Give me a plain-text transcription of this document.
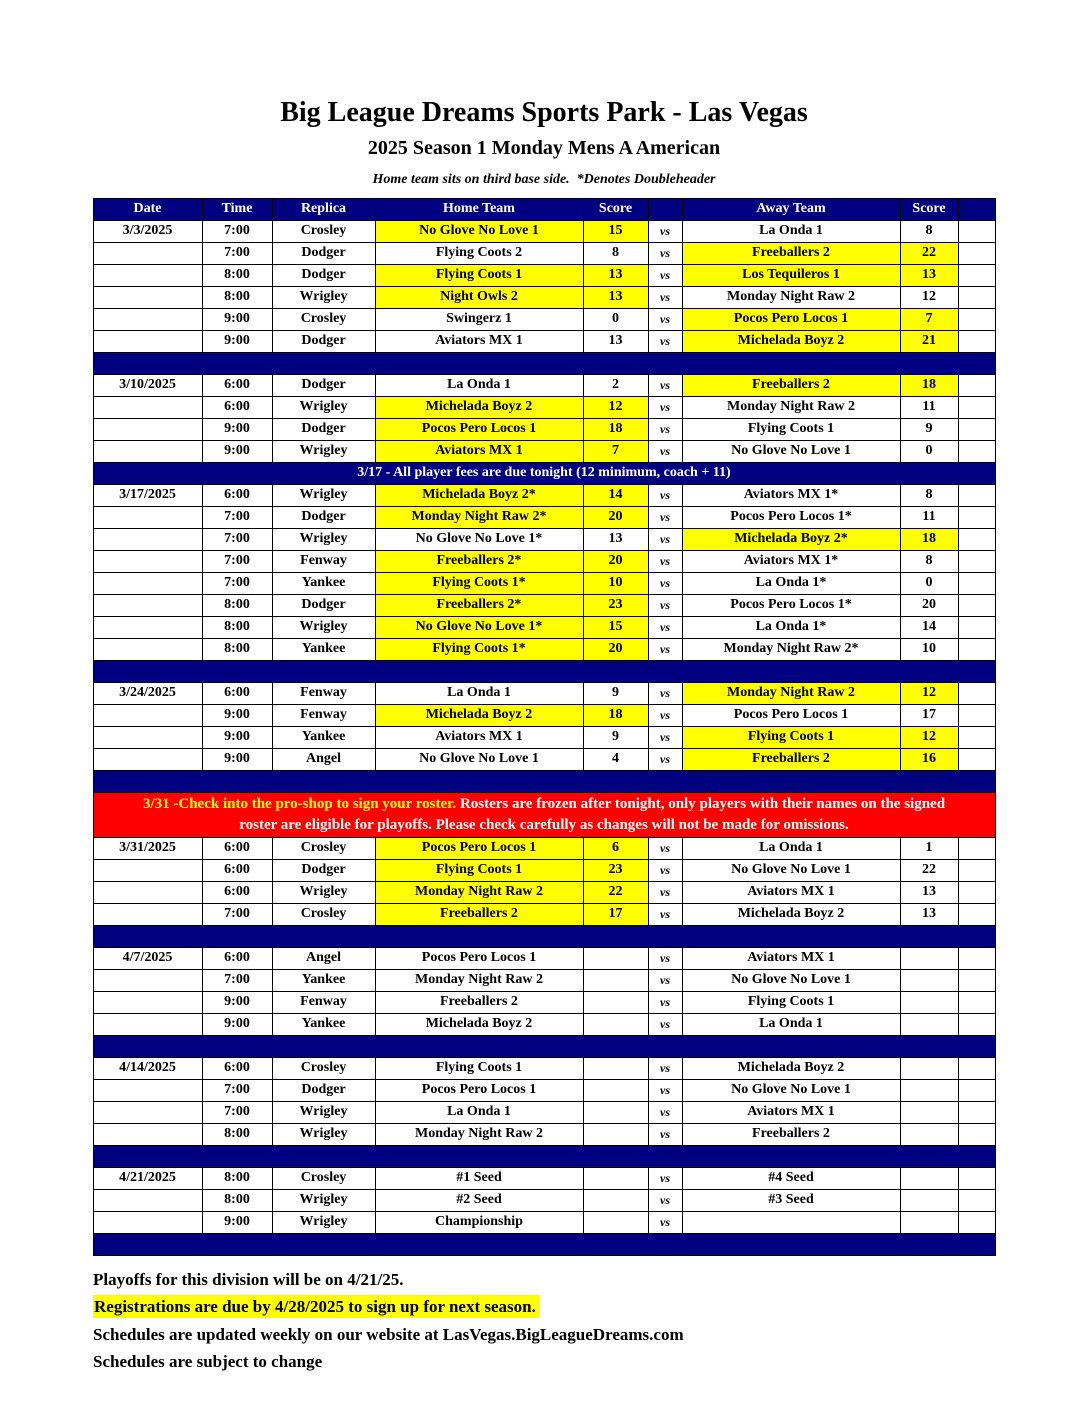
Big League Dreams Sports Park - Las Vegas
2025 Season 1 Monday Mens A American
Home team sits on third base side.  *Denotes Doubleheader
Date	Time	Replica	Home Team	Score		Away Team	Score	
3/3/2025	7:00	Crosley	No Glove No Love 1	15	vs	La Onda 1	8	
	7:00	Dodger	Flying Coots 2	8	vs	Freeballers 2	22	
	8:00	Dodger	Flying Coots 1	13	vs	Los Tequileros 1	13	
	8:00	Wrigley	Night Owls 2	13	vs	Monday Night Raw 2	12	
	9:00	Crosley	Swingerz 1	0	vs	Pocos Pero Locos 1	7	
	9:00	Dodger	Aviators MX 1	13	vs	Michelada Boyz 2	21	

3/10/2025	6:00	Dodger	La Onda 1	2	vs	Freeballers 2	18	
	6:00	Wrigley	Michelada Boyz 2	12	vs	Monday Night Raw 2	11	
	9:00	Dodger	Pocos Pero Locos 1	18	vs	Flying Coots 1	9	
	9:00	Wrigley	Aviators MX 1	7	vs	No Glove No Love 1	0	
3/17 - All player fees are due tonight (12 minimum, coach + 11)								
3/17/2025	6:00	Wrigley	Michelada Boyz 2*	14	vs	Aviators MX 1*	8	
	7:00	Dodger	Monday Night Raw 2*	20	vs	Pocos Pero Locos 1*	11	
	7:00	Wrigley	No Glove No Love 1*	13	vs	Michelada Boyz 2*	18	
	7:00	Fenway	Freeballers 2*	20	vs	Aviators MX 1*	8	
	7:00	Yankee	Flying Coots 1*	10	vs	La Onda 1*	0	
	8:00	Dodger	Freeballers 2*	23	vs	Pocos Pero Locos 1*	20	
	8:00	Wrigley	No Glove No Love 1*	15	vs	La Onda 1*	14	
	8:00	Yankee	Flying Coots 1*	20	vs	Monday Night Raw 2*	10	

3/24/2025	6:00	Fenway	La Onda 1	9	vs	Monday Night Raw 2	12	
	9:00	Fenway	Michelada Boyz 2	18	vs	Pocos Pero Locos 1	17	
	9:00	Yankee	Aviators MX 1	9	vs	Flying Coots 1	12	
	9:00	Angel	No Glove No Love 1	4	vs	Freeballers 2	16	

3/31 -Check into the pro-shop to sign your roster. Rosters are frozen after tonight, only players with their names on the signed roster are eligible for playoffs. Please check carefully as changes will not be made for omissions.								
3/31/2025	6:00	Crosley	Pocos Pero Locos 1	6	vs	La Onda 1	1	
	6:00	Dodger	Flying Coots 1	23	vs	No Glove No Love 1	22	
	6:00	Wrigley	Monday Night Raw 2	22	vs	Aviators MX 1	13	
	7:00	Crosley	Freeballers 2	17	vs	Michelada Boyz 2	13	

4/7/2025	6:00	Angel	Pocos Pero Locos 1		vs	Aviators MX 1		
	7:00	Yankee	Monday Night Raw 2		vs	No Glove No Love 1		
	9:00	Fenway	Freeballers 2		vs	Flying Coots 1		
	9:00	Yankee	Michelada Boyz 2		vs	La Onda 1		

4/14/2025	6:00	Crosley	Flying Coots 1		vs	Michelada Boyz 2		
	7:00	Dodger	Pocos Pero Locos 1		vs	No Glove No Love 1		
	7:00	Wrigley	La Onda 1		vs	Aviators MX 1		
	8:00	Wrigley	Monday Night Raw 2		vs	Freeballers 2		

4/21/2025	8:00	Crosley	#1 Seed		vs	#4 Seed		
	8:00	Wrigley	#2 Seed		vs	#3 Seed		
	9:00	Wrigley	Championship		vs			

Playoffs for this division will be on 4/21/25.

Registrations are due by 4/28/2025 to sign up for next season.

Schedules are updated weekly on our website at LasVegas.BigLeagueDreams.com

Schedules are subject to change
